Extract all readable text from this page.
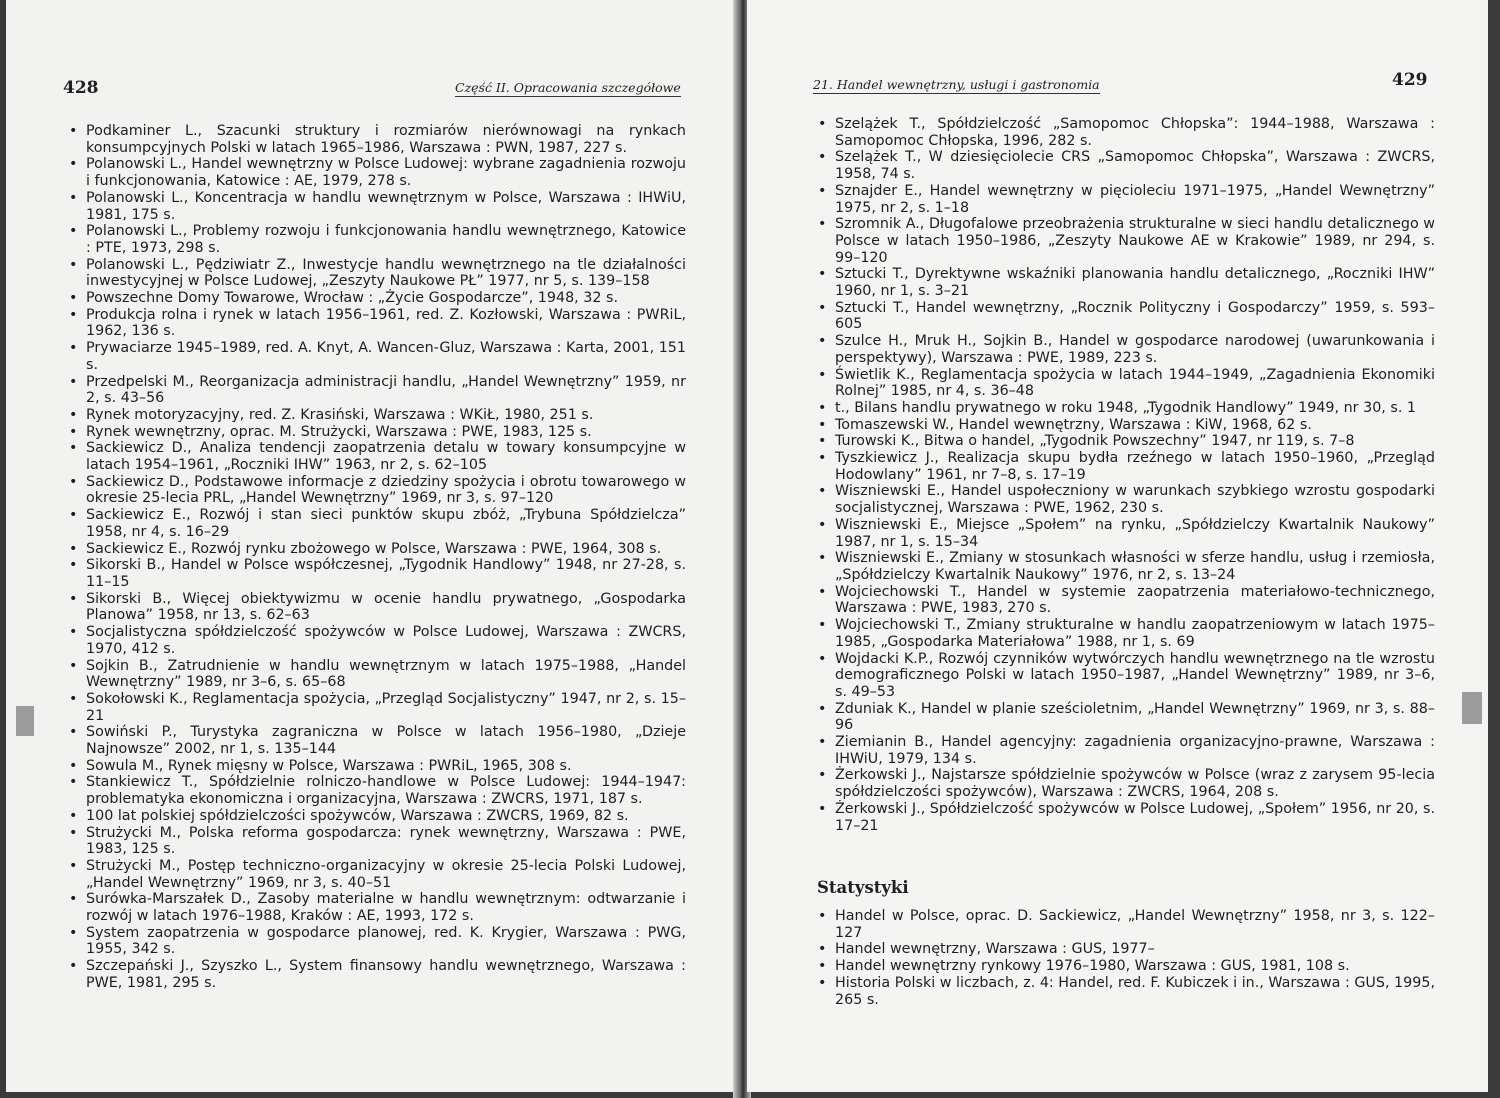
428	Część II. Opracowania szczegółowe
• Podkaminer L., Szacunki struktury i rozmiarów nierównowagi na rynkach konsumpcyjnych Polski w latach 1965–1986, Warszawa : PWN, 1987, 227 s.
• Polanowski L., Handel wewnętrzny w Polsce Ludowej: wybrane zagadnienia rozwoju i funkcjonowania, Katowice : AE, 1979, 278 s.
• Polanowski L., Koncentracja w handlu wewnętrznym w Polsce, Warszawa : IHWiU, 1981, 175 s.
• Polanowski L., Problemy rozwoju i funkcjonowania handlu wewnętrznego, Katowice : PTE, 1973, 298 s.
• Polanowski L., Pędziwiatr Z., Inwestycje handlu wewnętrznego na tle działalności inwestycyjnej w Polsce Ludowej, „Zeszyty Naukowe PŁ” 1977, nr 5, s. 139–158
• Powszechne Domy Towarowe, Wrocław : „Życie Gospodarcze”, 1948, 32 s.
• Produkcja rolna i rynek w latach 1956–1961, red. Z. Kozłowski, Warszawa : PWRiL, 1962, 136 s.
• Prywaciarze 1945–1989, red. A. Knyt, A. Wancen-Gluz, Warszawa : Karta, 2001, 151 s.
• Przedpelski M., Reorganizacja administracji handlu, „Handel Wewnętrzny” 1959, nr 2, s. 43–56
• Rynek motoryzacyjny, red. Z. Krasiński, Warszawa : WKiŁ, 1980, 251 s.
• Rynek wewnętrzny, oprac. M. Strużycki, Warszawa : PWE, 1983, 125 s.
• Sackiewicz D., Analiza tendencji zaopatrzenia detalu w towary konsumpcyjne w latach 1954–1961, „Roczniki IHW” 1963, nr 2, s. 62–105
• Sackiewicz D., Podstawowe informacje z dziedziny spożycia i obrotu towarowego w okresie 25-lecia PRL, „Handel Wewnętrzny” 1969, nr 3, s. 97–120
• Sackiewicz E., Rozwój i stan sieci punktów skupu zbóż, „Trybuna Spółdzielcza” 1958, nr 4, s. 16–29
• Sackiewicz E., Rozwój rynku zbożowego w Polsce, Warszawa : PWE, 1964, 308 s.
• Sikorski B., Handel w Polsce współczesnej, „Tygodnik Handlowy” 1948, nr 27-28, s. 11–15
• Sikorski B., Więcej obiektywizmu w ocenie handlu prywatnego, „Gospodarka Planowa” 1958, nr 13, s. 62–63
• Socjalistyczna spółdzielczość spożywców w Polsce Ludowej, Warszawa : ZWCRS, 1970, 412 s.
• Sojkin B., Zatrudnienie w handlu wewnętrznym w latach 1975–1988, „Handel Wewnętrzny” 1989, nr 3–6, s. 65–68
• Sokołowski K., Reglamentacja spożycia, „Przegląd Socjalistyczny” 1947, nr 2, s. 15–21
• Sowiński P., Turystyka zagraniczna w Polsce w latach 1956–1980, „Dzieje Najnowsze” 2002, nr 1, s. 135–144
• Sowula M., Rynek mięsny w Polsce, Warszawa : PWRiL, 1965, 308 s.
• Stankiewicz T., Spółdzielnie rolniczo-handlowe w Polsce Ludowej: 1944–1947: problematyka ekonomiczna i organizacyjna, Warszawa : ZWCRS, 1971, 187 s.
• 100 lat polskiej spółdzielczości spożywców, Warszawa : ZWCRS, 1969, 82 s.
• Strużycki M., Polska reforma gospodarcza: rynek wewnętrzny, Warszawa : PWE, 1983, 125 s.
• Strużycki M., Postęp techniczno-organizacyjny w okresie 25-lecia Polski Ludowej, „Handel Wewnętrzny” 1969, nr 3, s. 40–51
• Surówka-Marszałek D., Zasoby materialne w handlu wewnętrznym: odtwarzanie i rozwój w latach 1976–1988, Kraków : AE, 1993, 172 s.
• System zaopatrzenia w gospodarce planowej, red. K. Krygier, Warszawa : PWG, 1955, 342 s.
• Szczepański J., Szyszko L., System finansowy handlu wewnętrznego, Warszawa : PWE, 1981, 295 s.
21. Handel wewnętrzny, usługi i gastronomia	429
• Szelążek T., Spółdzielczość „Samopomoc Chłopska”: 1944–1988, Warszawa : Samopomoc Chłopska, 1996, 282 s.
• Szelążek T., W dziesięciolecie CRS „Samopomoc Chłopska”, Warszawa : ZWCRS, 1958, 74 s.
• Sznajder E., Handel wewnętrzny w pięcioleciu 1971–1975, „Handel Wewnętrzny” 1975, nr 2, s. 1–18
• Szromnik A., Długofalowe przeobrażenia strukturalne w sieci handlu detalicznego w Polsce w latach 1950–1986, „Zeszyty Naukowe AE w Krakowie” 1989, nr 294, s. 99–120
• Sztucki T., Dyrektywne wskaźniki planowania handlu detalicznego, „Roczniki IHW” 1960, nr 1, s. 3–21
• Sztucki T., Handel wewnętrzny, „Rocznik Polityczny i Gospodarczy” 1959, s. 593–605
• Szulce H., Mruk H., Sojkin B., Handel w gospodarce narodowej (uwarunkowania i perspektywy), Warszawa : PWE, 1989, 223 s.
• Świetlik K., Reglamentacja spożycia w latach 1944–1949, „Zagadnienia Ekonomiki Rolnej” 1985, nr 4, s. 36–48
• t., Bilans handlu prywatnego w roku 1948, „Tygodnik Handlowy” 1949, nr 30, s. 1
• Tomaszewski W., Handel wewnętrzny, Warszawa : KiW, 1968, 62 s.
• Turowski K., Bitwa o handel, „Tygodnik Powszechny” 1947, nr 119, s. 7–8
• Tyszkiewicz J., Realizacja skupu bydła rzeźnego w latach 1950–1960, „Przegląd Hodowlany” 1961, nr 7–8, s. 17–19
• Wiszniewski E., Handel uspołeczniony w warunkach szybkiego wzrostu gospodarki socjalistycznej, Warszawa : PWE, 1962, 230 s.
• Wiszniewski E., Miejsce „Społem” na rynku, „Spółdzielczy Kwartalnik Naukowy” 1987, nr 1, s. 15–34
• Wiszniewski E., Zmiany w stosunkach własności w sferze handlu, usług i rzemiosła, „Spółdzielczy Kwartalnik Naukowy” 1976, nr 2, s. 13–24
• Wojciechowski T., Handel w systemie zaopatrzenia materiałowo-technicznego, Warszawa : PWE, 1983, 270 s.
• Wojciechowski T., Zmiany strukturalne w handlu zaopatrzeniowym w latach 1975–1985, „Gospodarka Materiałowa” 1988, nr 1, s. 69
• Wojdacki K.P., Rozwój czynników wytwórczych handlu wewnętrznego na tle wzrostu demograficznego Polski w latach 1950–1987, „Handel Wewnętrzny” 1989, nr 3–6, s. 49–53
• Zduniak K., Handel w planie sześcioletnim, „Handel Wewnętrzny” 1969, nr 3, s. 88–96
• Ziemianin B., Handel agencyjny: zagadnienia organizacyjno-prawne, Warszawa : IHWiU, 1979, 134 s.
• Żerkowski J., Najstarsze spółdzielnie spożywców w Polsce (wraz z zarysem 95-lecia spółdzielczości spożywców), Warszawa : ZWCRS, 1964, 208 s.
• Żerkowski J., Spółdzielczość spożywców w Polsce Ludowej, „Społem” 1956, nr 20, s. 17–21
Statystyki
• Handel w Polsce, oprac. D. Sackiewicz, „Handel Wewnętrzny” 1958, nr 3, s. 122–127
• Handel wewnętrzny, Warszawa : GUS, 1977–
• Handel wewnętrzny rynkowy 1976–1980, Warszawa : GUS, 1981, 108 s.
• Historia Polski w liczbach, z. 4: Handel, red. F. Kubiczek i in., Warszawa : GUS, 1995, 265 s.
